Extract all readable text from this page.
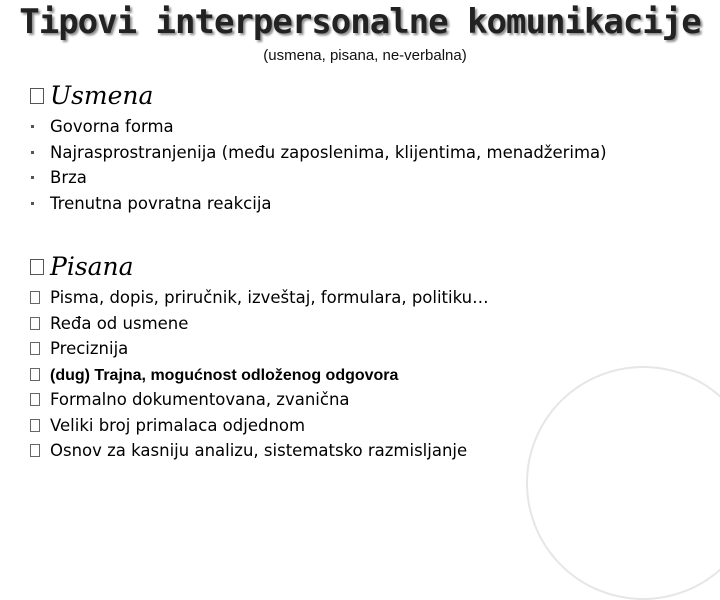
Tipovi interpersonalne komunikacije
(usmena, pisana, ne-verbalna)
Usmena
Govorna forma
Najrasprostranjenija (među zaposlenima, klijentima, menadžerima)
Brza
Trenutna povratna reakcija
Pisana
Pisma, dopis, priručnik, izveštaj, formulara, politiku…
Ređa od usmene
Preciznija
(dug) Trajna, mogućnost odloženog odgovora
Formalno dokumentovana, zvanična
Veliki broj primalaca odjednom
Osnov za kasniju analizu, sistematsko razmisljanje
